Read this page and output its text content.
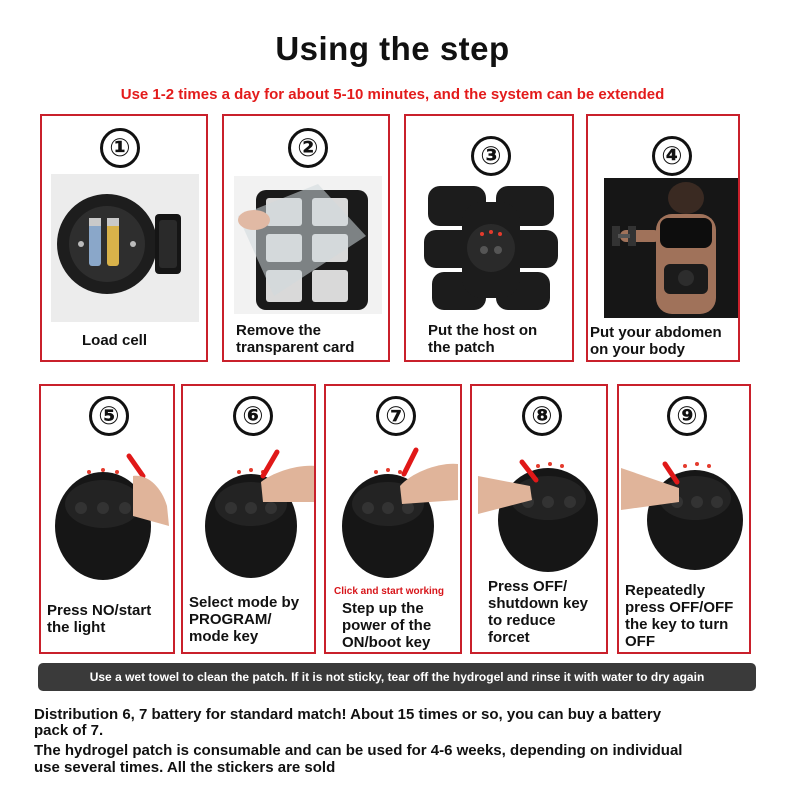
Using the step
Use 1-2 times a day for about 5-10 minutes, and the system can be extended
①
Load cell
②
Remove the
transparent card
③
Put the host on
the patch
④
Put your abdomen
on your body
⑤
Press NO/start
the light
⑥
Select mode by
PROGRAM/
mode key
⑦
Click and start working
Step up the
power of the
ON/boot key
⑧
Press OFF/
shutdown key
to reduce
forcet
⑨
Repeatedly
press OFF/OFF
the key to turn
OFF
Use a wet towel to clean the patch. If it is not sticky, tear off the hydrogel and rinse it with water to dry again
Distribution 6, 7 battery for standard match! About 15 times or so, you can buy a battery
pack of 7.
The hydrogel patch is consumable and can be used for 4-6 weeks, depending on individual
use several times. All the stickers are sold
